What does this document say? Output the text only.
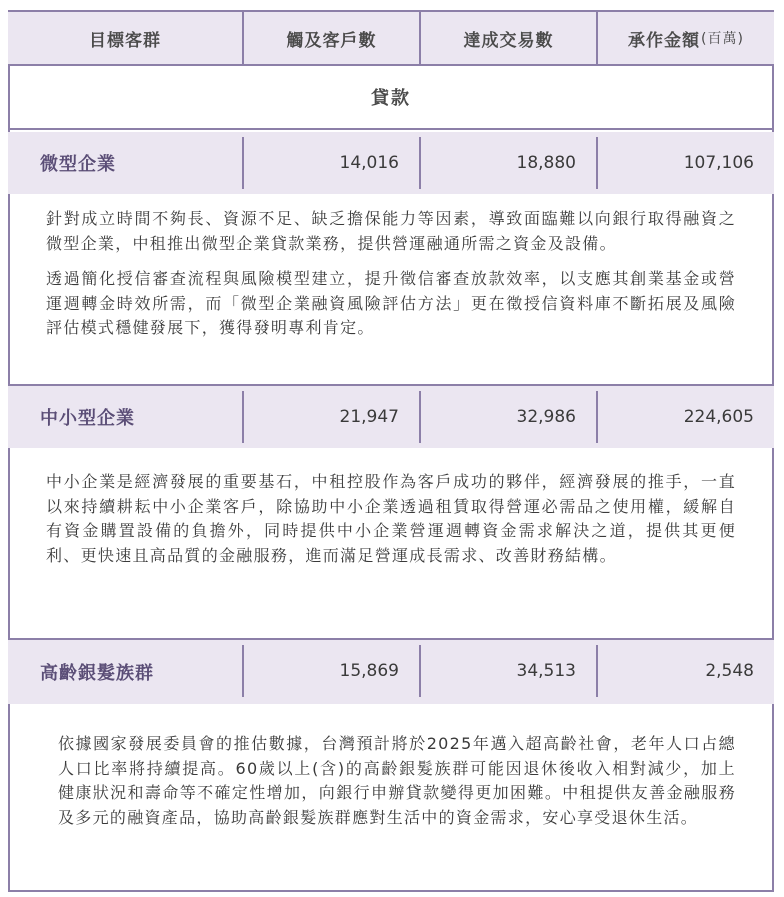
目標客群	觸及客戶數	達成交易數	承作金額 (百萬)
貸款
微型企業	14,016	18,880	107,106

針對成立時間不夠長、資源不足、缺乏擔保能力等因素，導致面臨難以向銀行取得融資之微型企業，中租推出微型企業貸款業務，提供營運融通所需之資金及設備。

透過簡化授信審查流程與風險模型建立，提升徵信審查放款效率，以支應其創業基金或營運週轉金時效所需，而「微型企業融資風險評估方法」更在徵授信資料庫不斷拓展及風險評估模式穩健發展下，獲得發明專利肯定。

中小型企業	21,947	32,986	224,605

中小企業是經濟發展的重要基石，中租控股作為客戶成功的夥伴，經濟發展的推手，一直以來持續耕耘中小企業客戶，除協助中小企業透過租賃取得營運必需品之使用權，緩解自有資金購置設備的負擔外，同時提供中小企業營運週轉資金需求解決之道，提供其更便利、更快速且高品質的金融服務，進而滿足營運成長需求、改善財務結構。

高齡銀髮族群	15,869	34,513	2,548

依據國家發展委員會的推估數據，台灣預計將於2025年邁入超高齡社會，老年人口占總人口比率將持續提高。60歲以上(含)的高齡銀髮族群可能因退休後收入相對減少，加上健康狀況和壽命等不確定性增加，向銀行申辦貸款變得更加困難。中租提供友善金融服務及多元的融資產品，協助高齡銀髮族群應對生活中的資金需求，安心享受退休生活。
